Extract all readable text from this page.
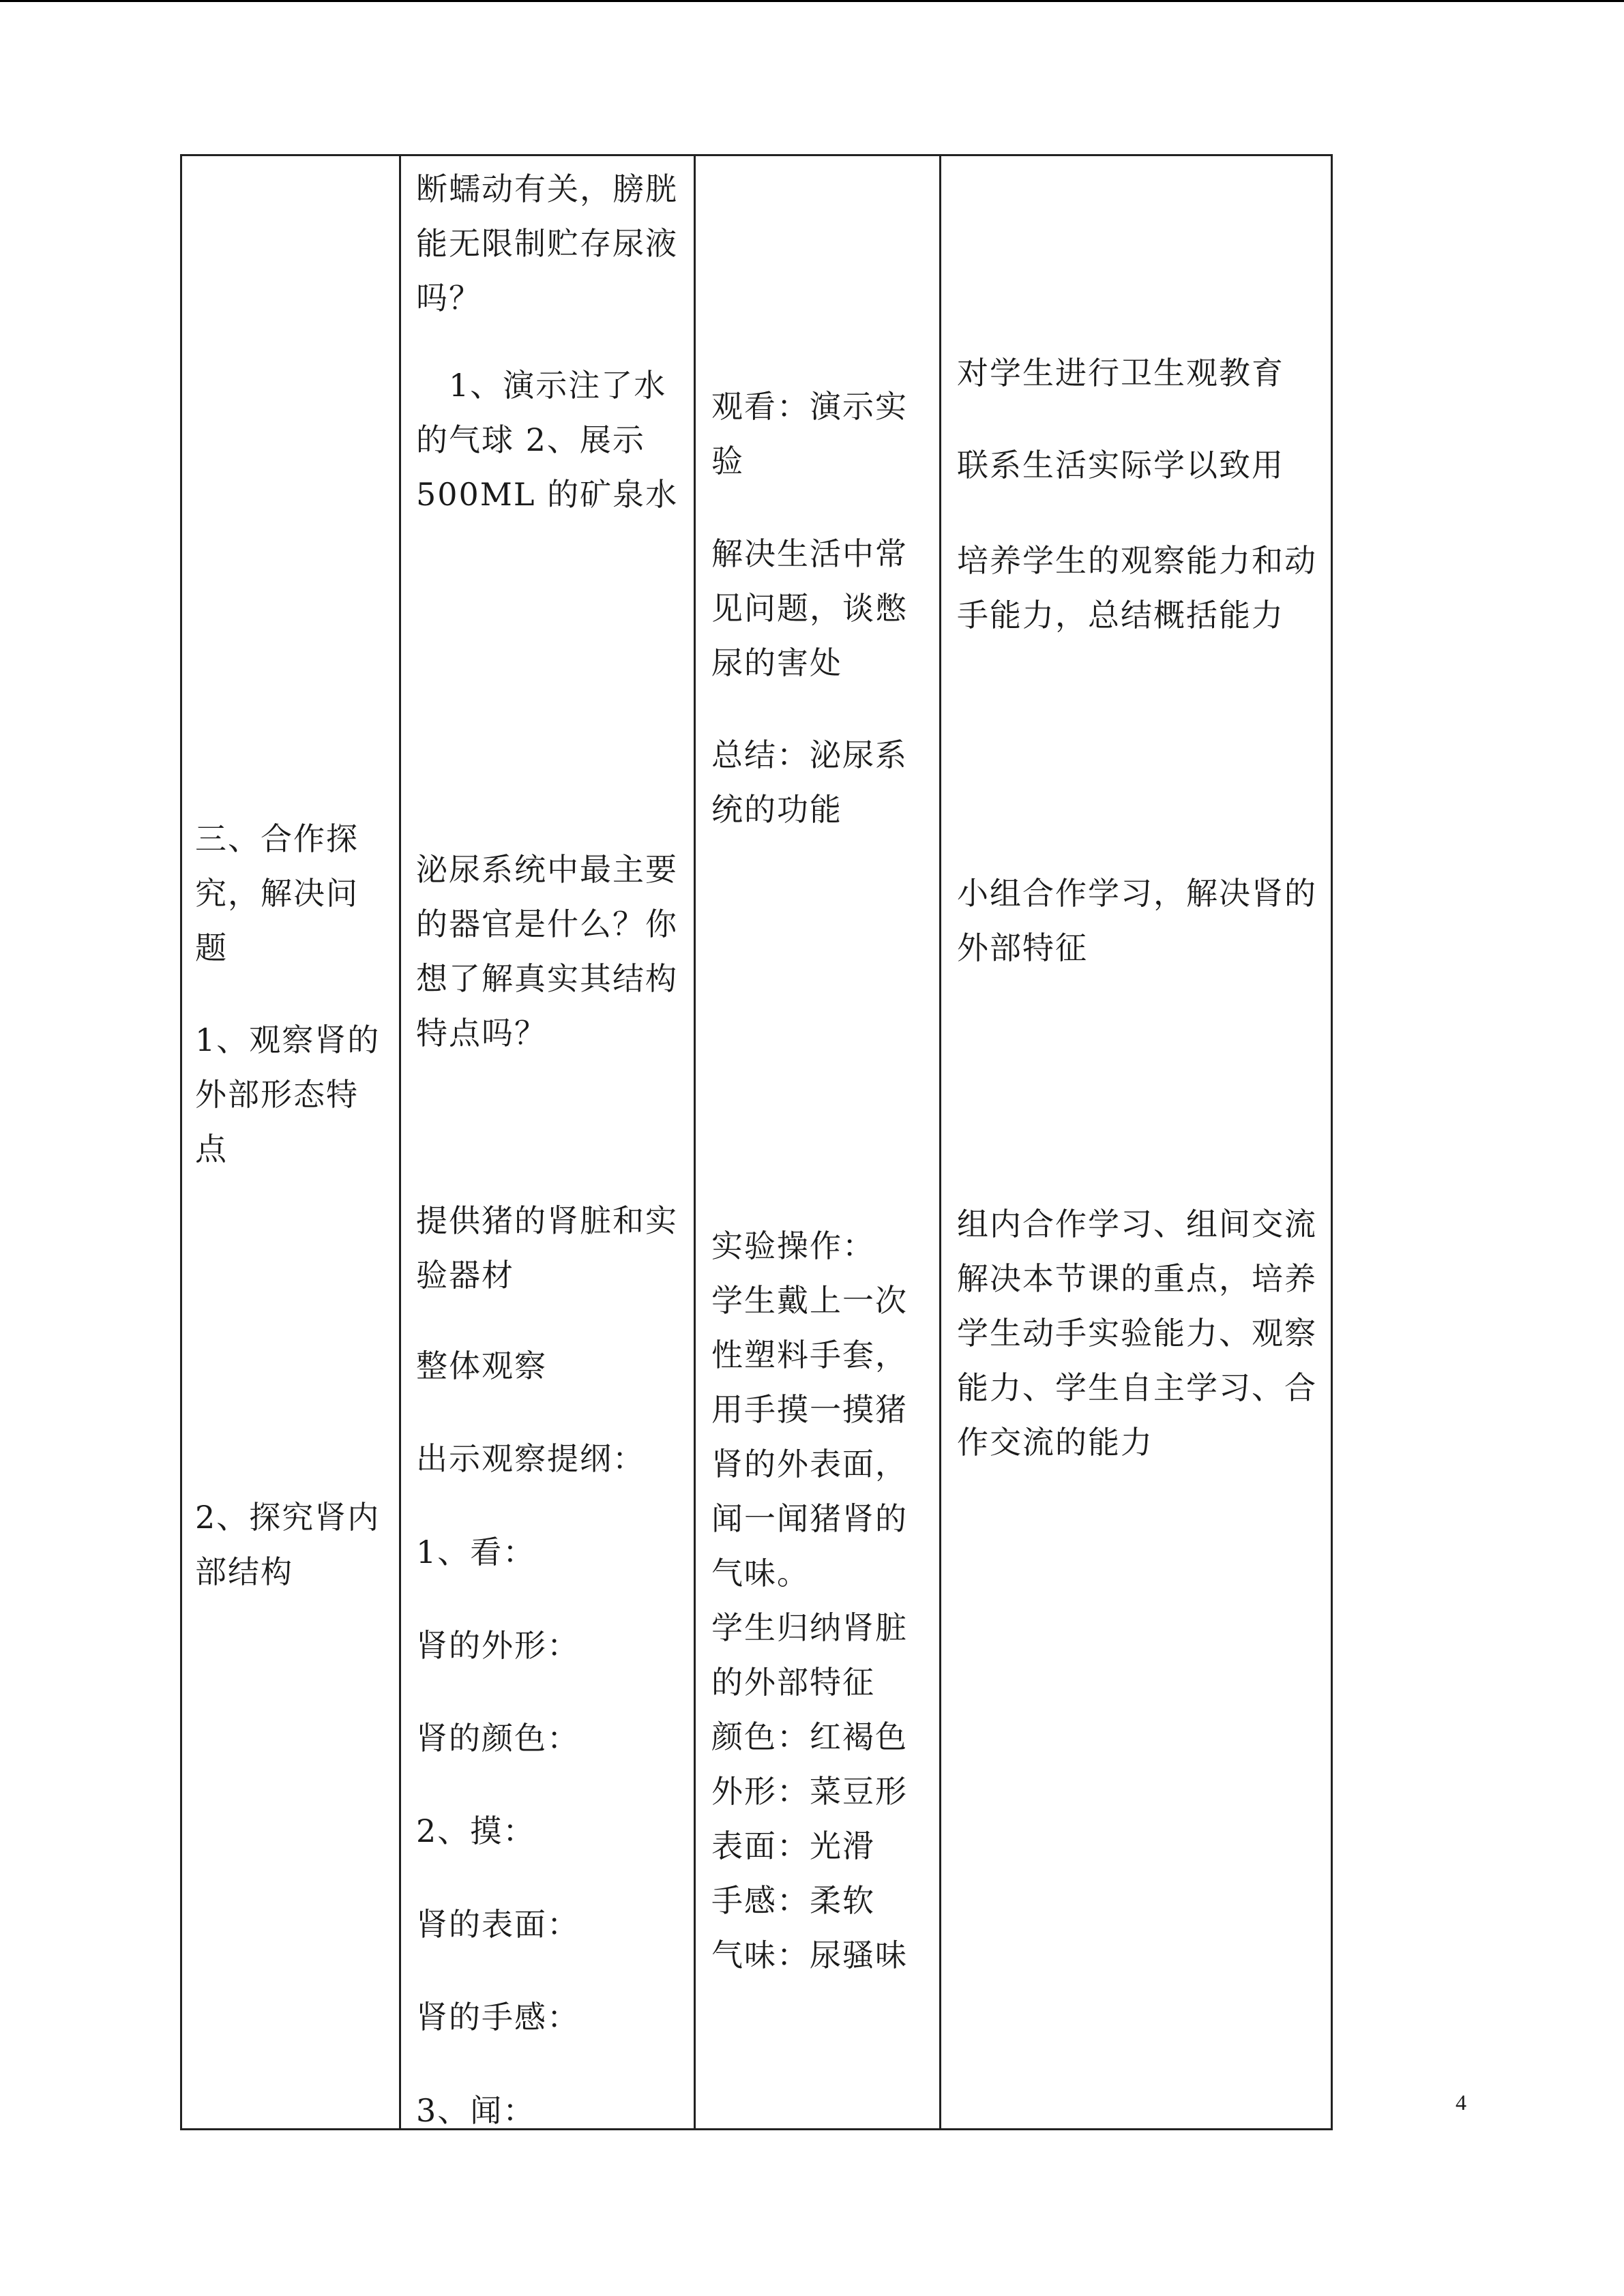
三、合作探
究，解决问
题
1、观察肾的
外部形态特
点
2、探究肾内
部结构
断蠕动有关，膀胱
能无限制贮存尿液
吗？
　1、演示注了水
的气球 2、展示
500ML 的矿泉水
泌尿系统中最主要
的器官是什么？你
想了解真实其结构
特点吗？
提供猪的肾脏和实
验器材
整体观察
出示观察提纲：
1、看：
肾的外形：
肾的颜色：
2、摸：
肾的表面：
肾的手感：
3、闻：
观看：演示实
验
解决生活中常
见问题，谈憋
尿的害处
总结：泌尿系
统的功能
实验操作：
学生戴上一次
性塑料手套，
用手摸一摸猪
肾的外表面，
闻一闻猪肾的
气味。
学生归纳肾脏
的外部特征
颜色：红褐色
外形：菜豆形
表面：光滑
手感：柔软
气味：尿骚味
对学生进行卫生观教育
联系生活实际学以致用
培养学生的观察能力和动
手能力，总结概括能力
小组合作学习，解决肾的
外部特征
组内合作学习、组间交流
解决本节课的重点，培养
学生动手实验能力、观察
能力、学生自主学习、合
作交流的能力
4
